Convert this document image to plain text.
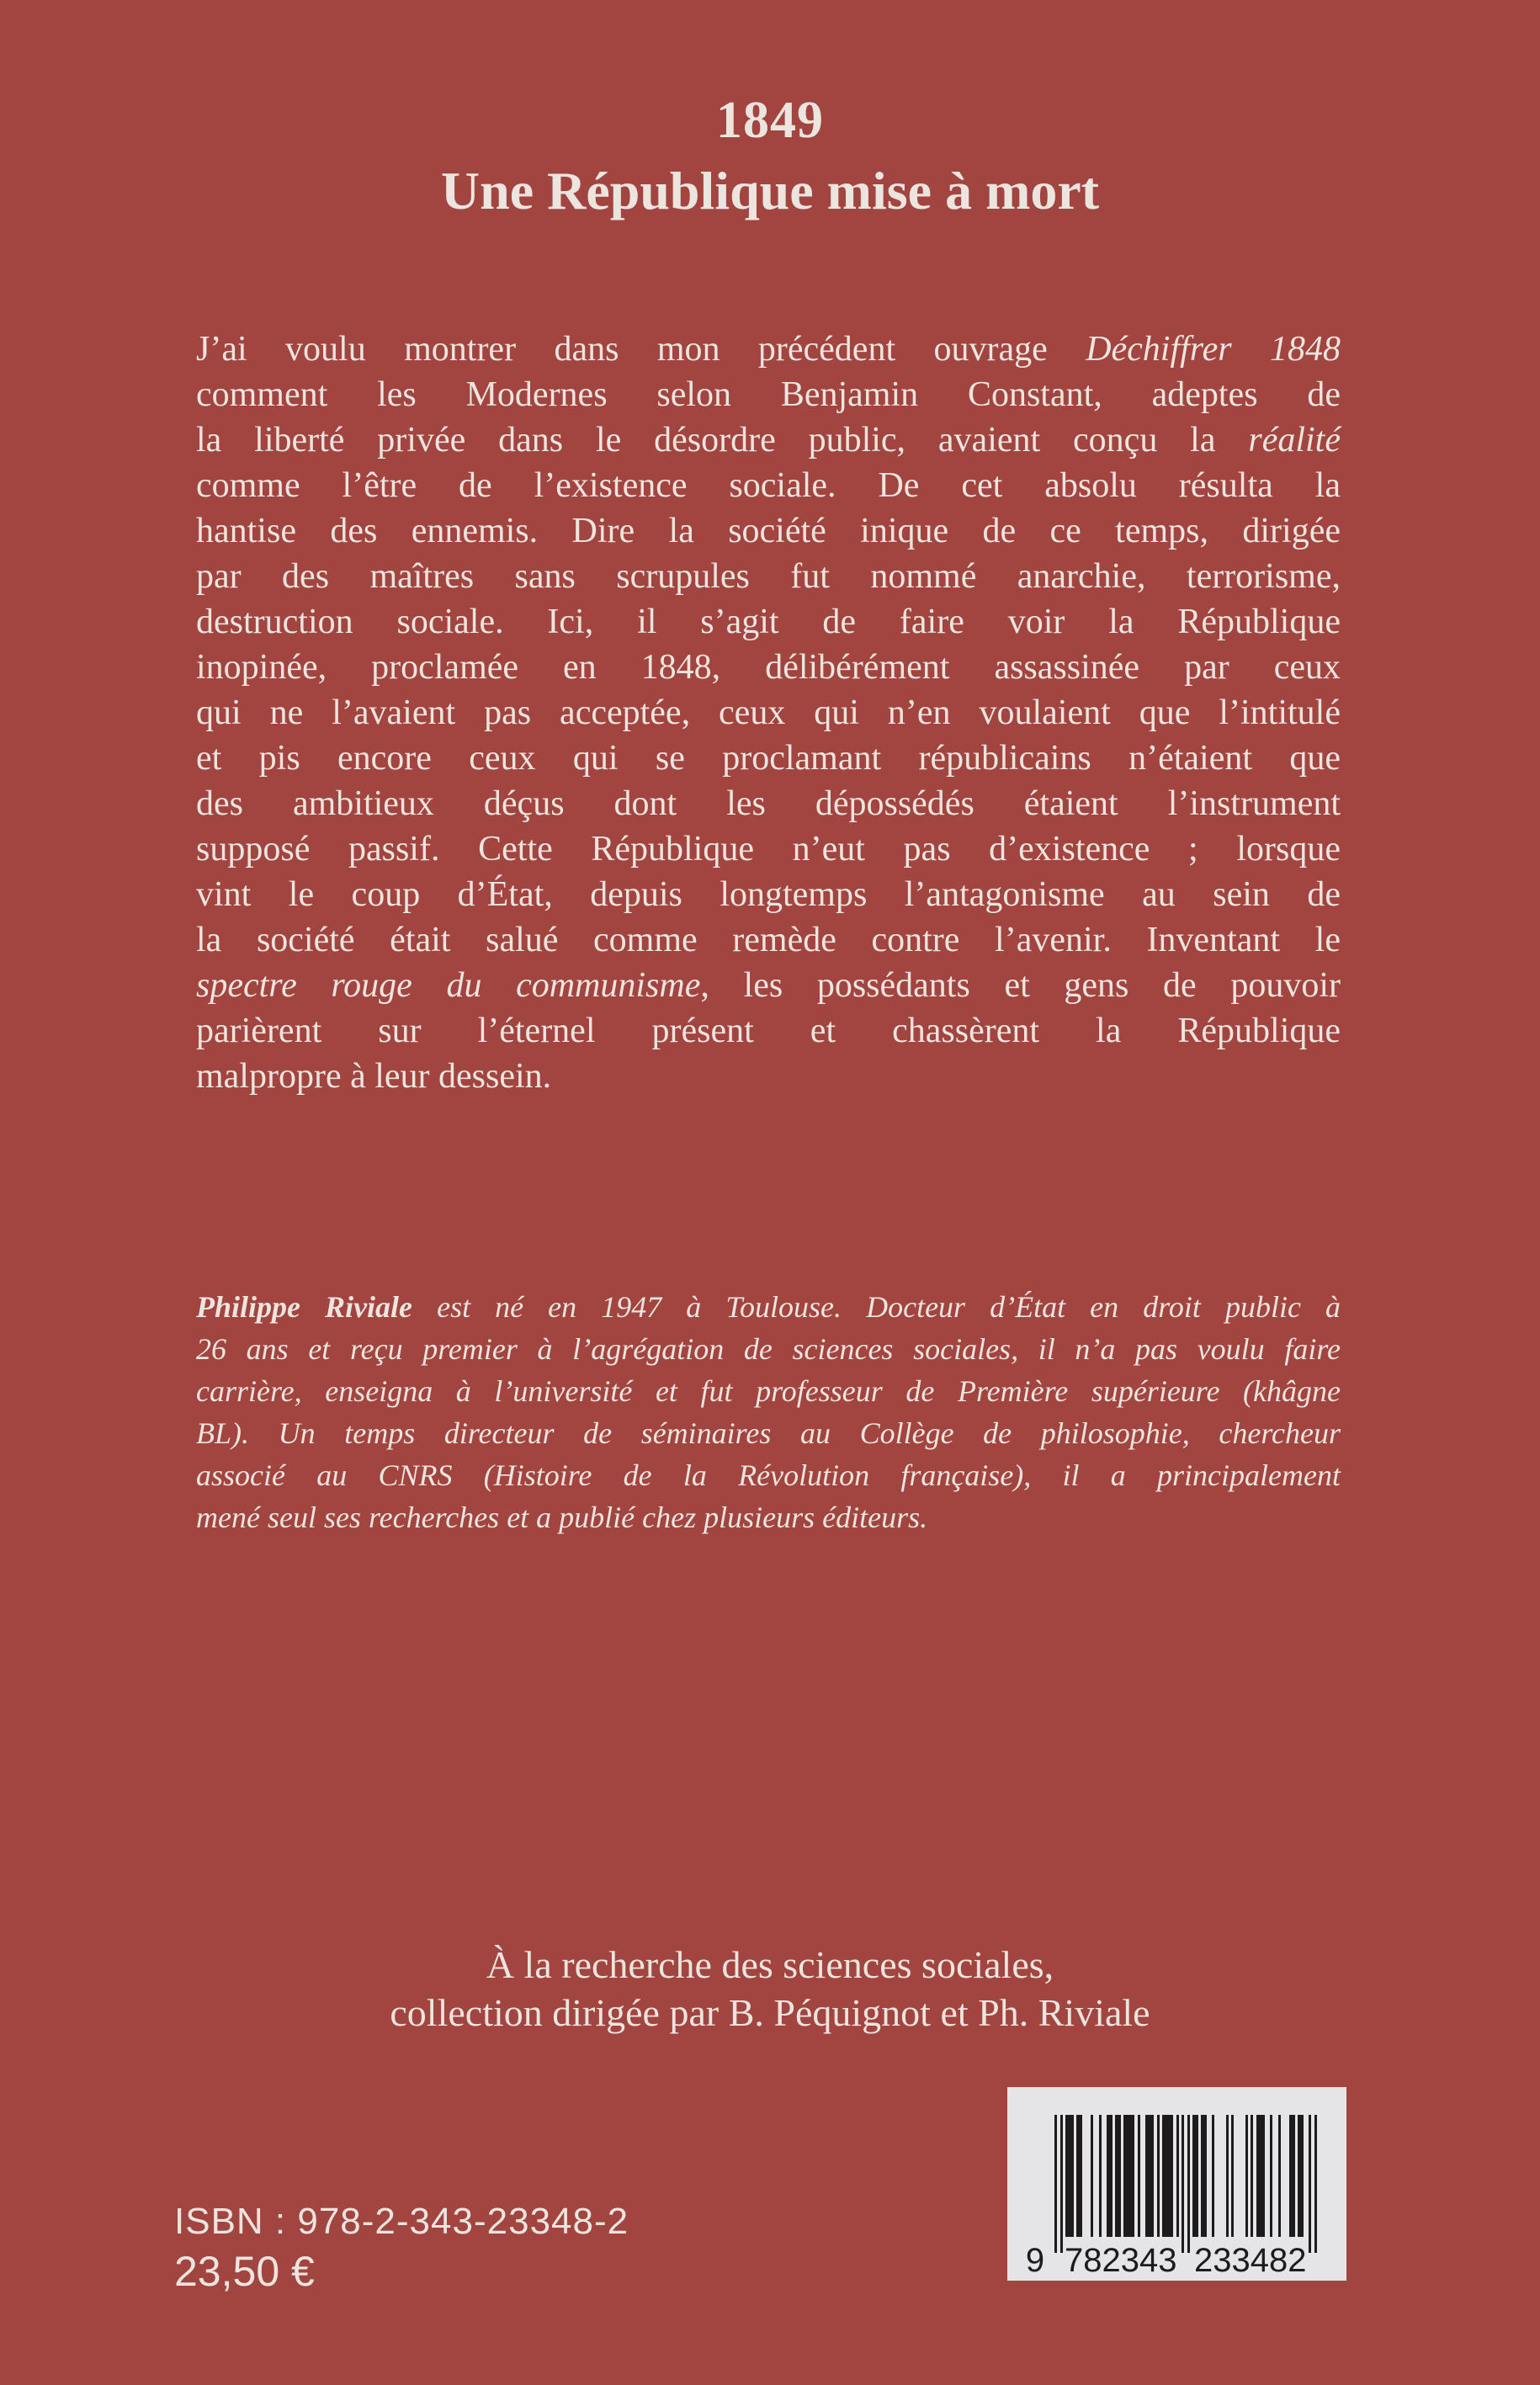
1849
Une République mise à mort
J’ai voulu montrer dans mon précédent ouvrage Déchiffrer 1848
comment les Modernes selon Benjamin Constant, adeptes de
la liberté privée dans le désordre public, avaient conçu la réalité
comme l’être de l’existence sociale. De cet absolu résulta la
hantise des ennemis. Dire la société inique de ce temps, dirigée
par des maîtres sans scrupules fut nommé anarchie, terrorisme,
destruction sociale. Ici, il s’agit de faire voir la République
inopinée, proclamée en 1848, délibérément assassinée par ceux
qui ne l’avaient pas acceptée, ceux qui n’en voulaient que l’intitulé
et pis encore ceux qui se proclamant républicains n’étaient que
des ambitieux déçus dont les dépossédés étaient l’instrument
supposé passif. Cette République n’eut pas d’existence ; lorsque
vint le coup d’État, depuis longtemps l’antagonisme au sein de
la société était salué comme remède contre l’avenir. Inventant le
spectre rouge du communisme, les possédants et gens de pouvoir
parièrent sur l’éternel présent et chassèrent la République
malpropre à leur dessein.
Philippe Riviale est né en 1947 à Toulouse. Docteur d’État en droit public à
26 ans et reçu premier à l’agrégation de sciences sociales, il n’a pas voulu faire
carrière, enseigna à l’université et fut professeur de Première supérieure (khâgne
BL). Un temps directeur de séminaires au Collège de philosophie, chercheur
associé au CNRS (Histoire de la Révolution française), il a principalement
mené seul ses recherches et a publié chez plusieurs éditeurs.
À la recherche des sciences sociales,
collection dirigée par B. Péquignot et Ph. Riviale
ISBN : 978-2-343-23348-2
23,50 €	9 7 8 2 3 4 3 2 3 3 4 8 2
